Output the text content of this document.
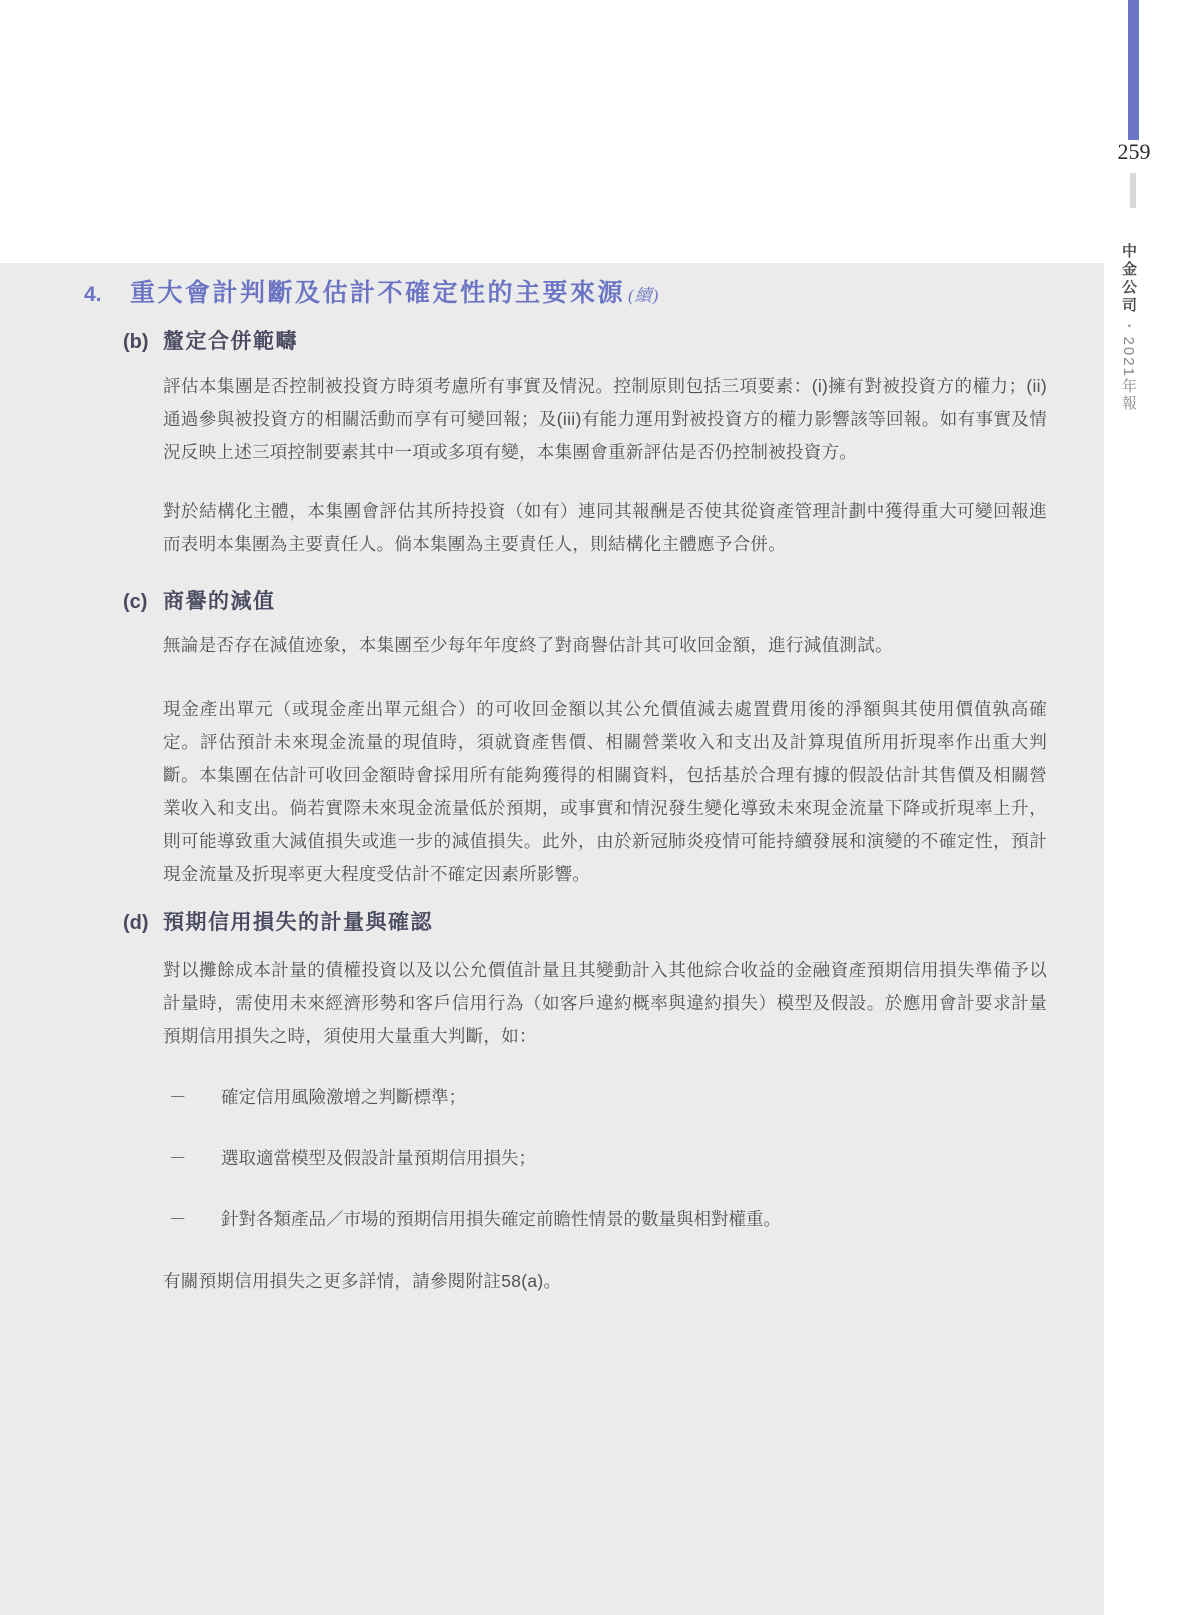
259
中金公司•2021年報
4.	重大會計判斷及估計不確定性的主要來源 (續)
(b) 釐定合併範疇

評估本集團是否控制被投資方時須考慮所有事實及情況。控制原則包括三項要素：(i)擁有對被投資方的權力；(ii)通過參與被投資方的相關活動而享有可變回報；及(iii)有能力運用對被投資方的權力影響該等回報。如有事實及情況反映上述三項控制要素其中一項或多項有變，本集團會重新評估是否仍控制被投資方。

對於結構化主體，本集團會評估其所持投資（如有）連同其報酬是否使其從資產管理計劃中獲得重大可變回報進而表明本集團為主要責任人。倘本集團為主要責任人，則結構化主體應予合併。

(c) 商譽的減值

無論是否存在減值迹象，本集團至少每年年度終了對商譽估計其可收回金額，進行減值測試。

現金產出單元（或現金產出單元組合）的可收回金額以其公允價值減去處置費用後的淨額與其使用價值孰高確定。評估預計未來現金流量的現值時，須就資產售價、相關營業收入和支出及計算現值所用折現率作出重大判斷。本集團在估計可收回金額時會採用所有能夠獲得的相關資料，包括基於合理有據的假設估計其售價及相關營業收入和支出。倘若實際未來現金流量低於預期，或事實和情況發生變化導致未來現金流量下降或折現率上升，則可能導致重大減值損失或進一步的減值損失。此外，由於新冠肺炎疫情可能持續發展和演變的不確定性，預計現金流量及折現率更大程度受估計不確定因素所影響。

(d) 預期信用損失的計量與確認

對以攤餘成本計量的債權投資以及以公允價值計量且其變動計入其他綜合收益的金融資產預期信用損失準備予以計量時，需使用未來經濟形勢和客戶信用行為（如客戶違約概率與違約損失）模型及假設。於應用會計要求計量預期信用損失之時，須使用大量重大判斷，如：

－	確定信用風險激增之判斷標準；
－	選取適當模型及假設計量預期信用損失；
－	針對各類產品／市場的預期信用損失確定前瞻性情景的數量與相對權重。

有關預期信用損失之更多詳情，請參閱附註58(a)。
